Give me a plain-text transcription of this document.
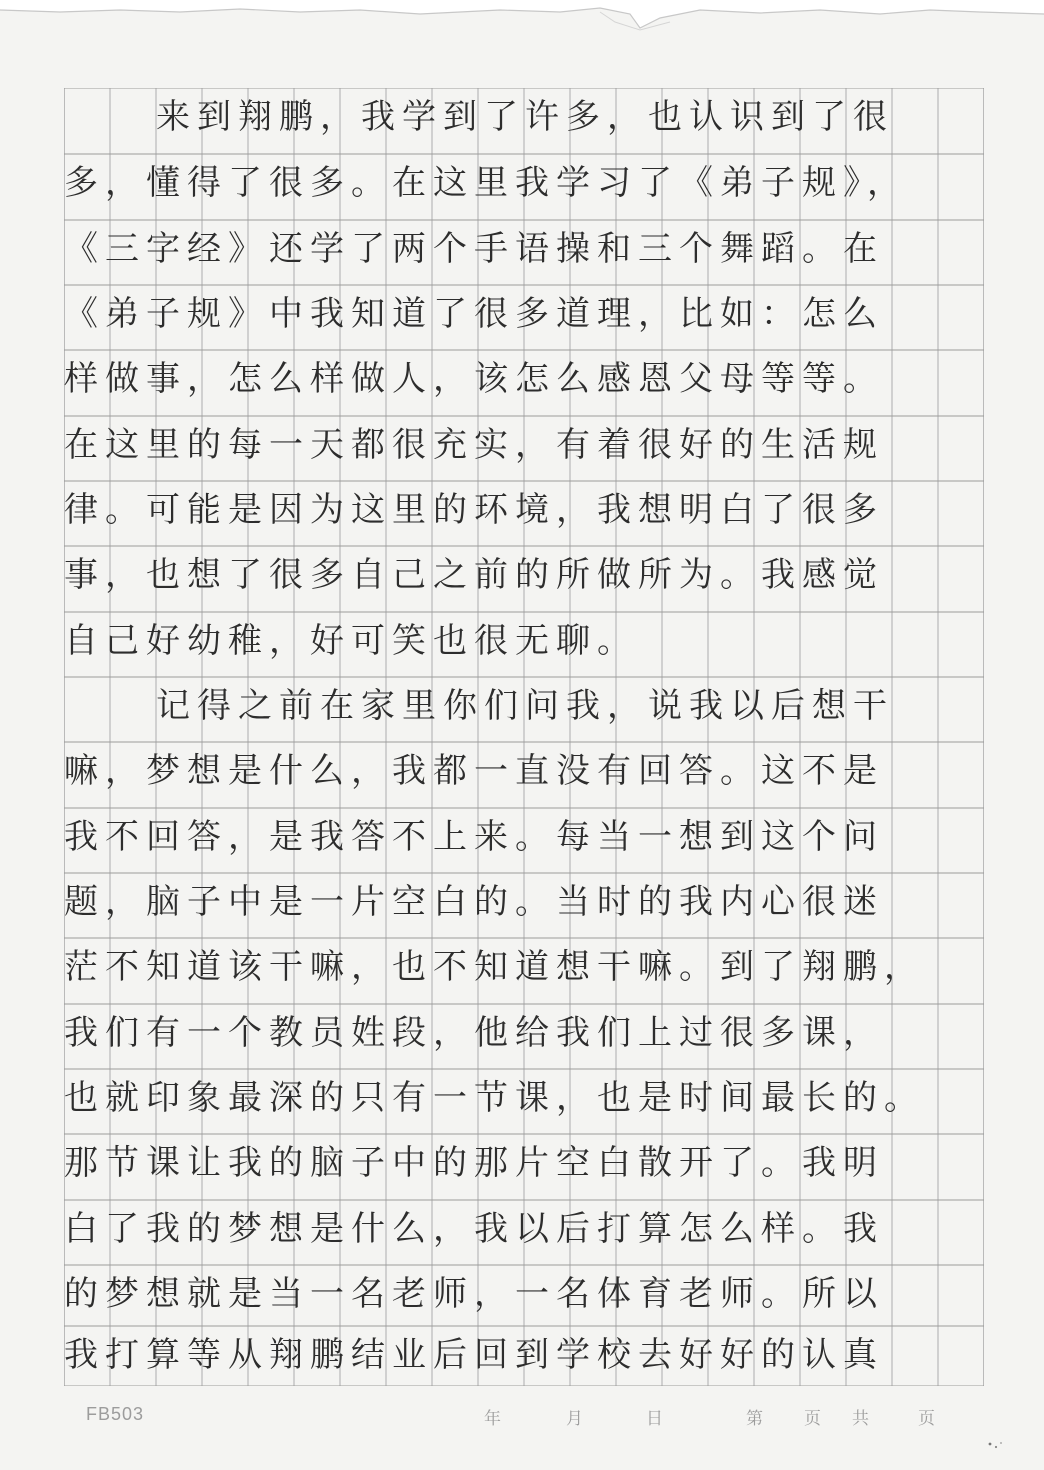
来到翔鹏，我学到了许多，也认识到了很
多，懂得了很多。在这里我学习了《弟子规》，
《三字经》还学了两个手语操和三个舞蹈。在
《弟子规》中我知道了很多道理，比如：怎么
样做事，怎么样做人，该怎么感恩父母等等。
在这里的每一天都很充实，有着很好的生活规
律。可能是因为这里的环境，我想明白了很多
事，也想了很多自己之前的所做所为。我感觉
自己好幼稚，好可笑也很无聊。
记得之前在家里你们问我，说我以后想干
嘛，梦想是什么，我都一直没有回答。这不是
我不回答，是我答不上来。每当一想到这个问
题，脑子中是一片空白的。当时的我内心很迷
茫不知道该干嘛，也不知道想干嘛。到了翔鹏，
我们有一个教员姓段，他给我们上过很多课，
也就印象最深的只有一节课，也是时间最长的。
那节课让我的脑子中的那片空白散开了。我明
白了我的梦想是什么，我以后打算怎么样。我
的梦想就是当一名老师，一名体育老师。所以
我打算等从翔鹏结业后回到学校去好好的认真
FB503	年	月	日	第 页 共	页
